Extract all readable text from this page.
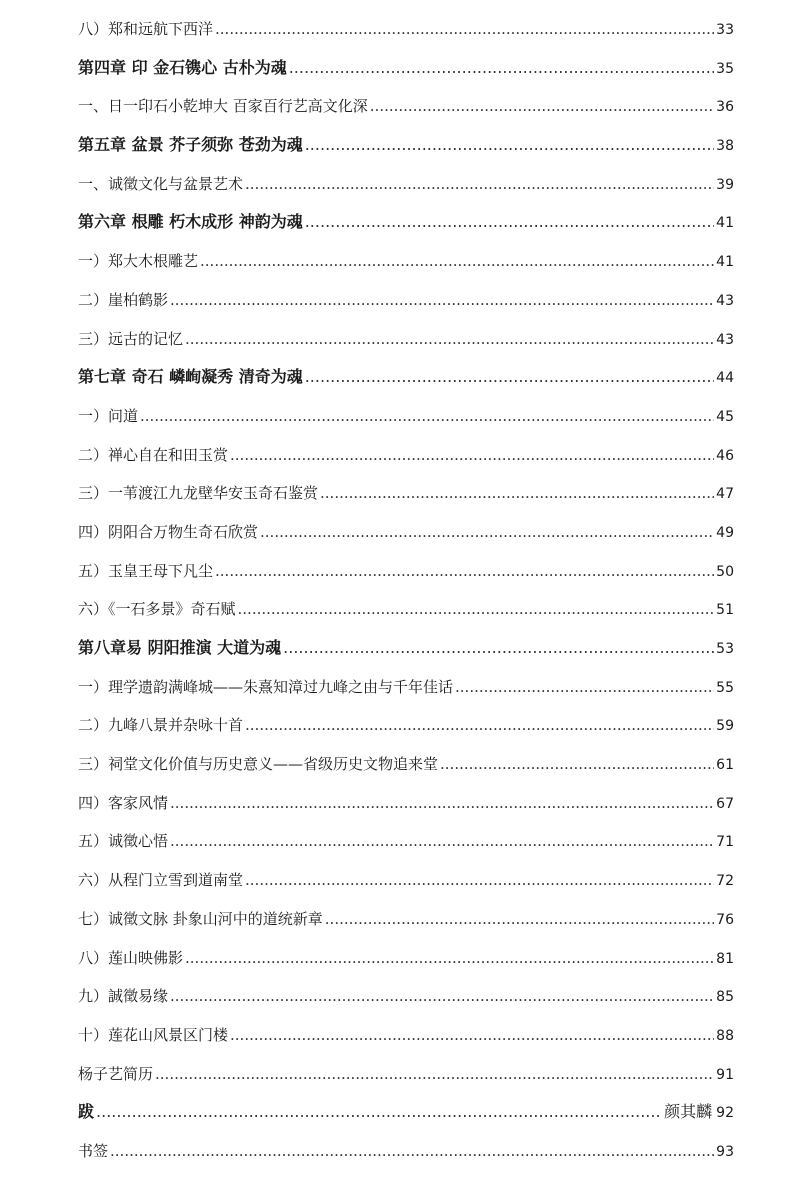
八）郑和远航下西洋 .....	33
第四章 印 金石镌心 古朴为魂 .....	35
一、日一印石小乾坤大 百家百行艺高文化深 .....	36
第五章 盆景 芥子须弥 苍劲为魂 .....	38
一、诚徵文化与盆景艺术 .....	39
第六章 根雕 朽木成形 神韵为魂 .....	41
一）郑大木根雕艺 .....	41
二）崖柏鹤影 .....	43
三）远古的记忆 .....	43
第七章 奇石 嶙峋凝秀 清奇为魂 .....	44
一）问道 .....	45
二）禅心自在和田玉赏 .....	46
三）一苇渡江九龙壁华安玉奇石鉴赏 .....	47
四）阴阳合万物生奇石欣赏 .....	49
五）玉皇王母下凡尘 .....	50
六）《一石多景》奇石赋 .....	51
第八章易 阴阳推演 大道为魂 .....	53
一）理学遗韵满峰城——朱熹知漳过九峰之由与千年佳话 .....	55
二）九峰八景并杂咏十首 .....	59
三）祠堂文化价值与历史意义——省级历史文物追来堂 .....	61
四）客家风情 .....	67
五）诚徵心悟 .....	71
六）从程门立雪到道南堂 .....	72
七）诚徵文脉 卦象山河中的道统新章 .....	76
八）莲山映佛影 .....	81
九）誠徵易缘 .....	85
十）莲花山风景区门楼 .....	88
杨子艺简历 .....	91
跋 .....	颜其麟 92
书签 .....	93
